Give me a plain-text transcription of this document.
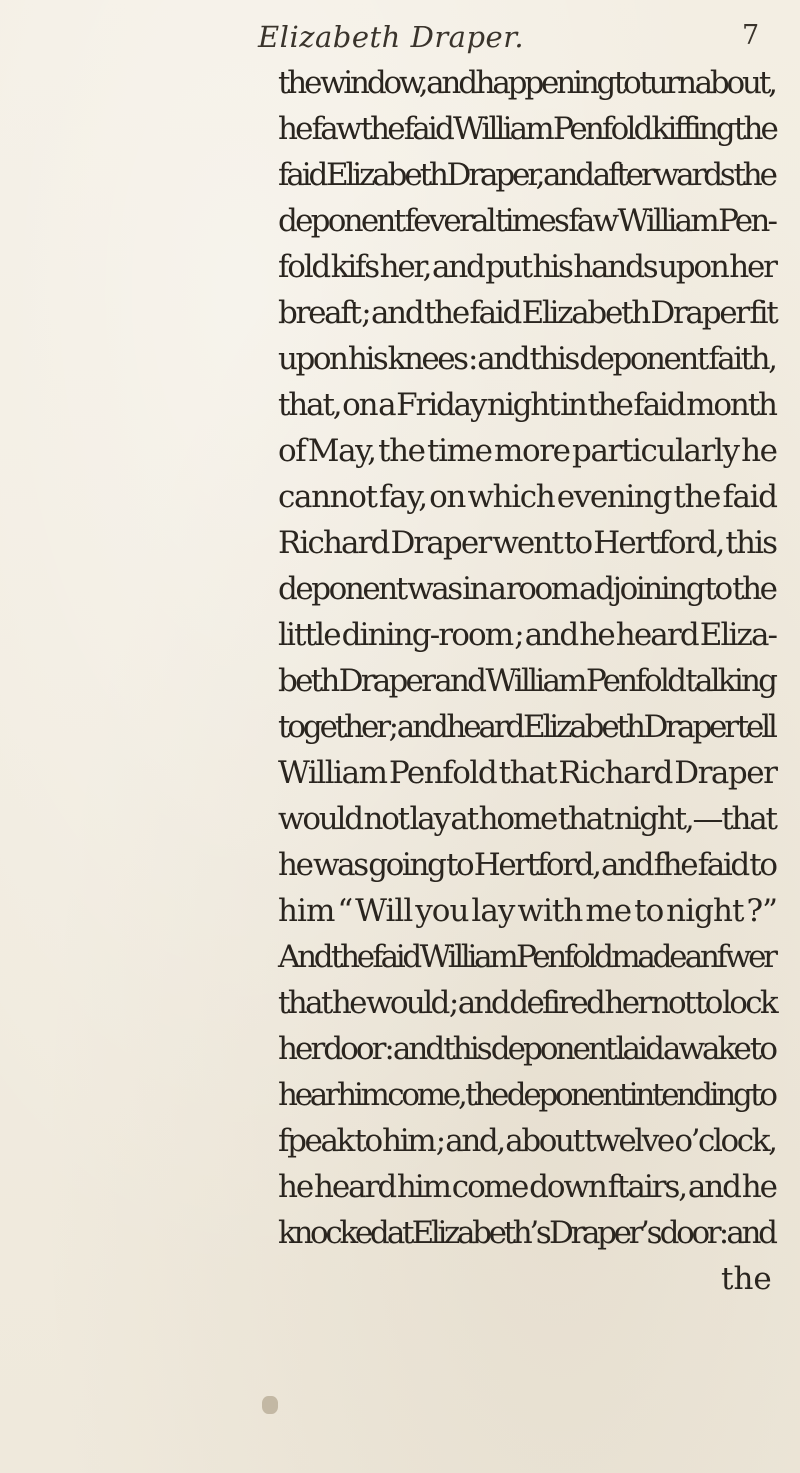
Elizabeth Draper.	7
the window, and happening to turn about,
he faw the faid William Penfold kiffing the
faid Elizabeth Draper, and afterwards the
deponent feveral times faw William Pen-
fold kifs her, and put his hands upon her
breaft ; and the faid Elizabeth Draper fit
upon his knees : and this deponent faith,
that, on a Friday night in the faid month
of May, the time more particularly he
cannot fay, on which evening the faid
Richard Draper went to Hertford, this
deponent was in a room adjoining to the
little dining-room ; and he heard Eliza-
beth Draper and William Penfold talking
together ; and heard Elizabeth Draper tell
William Penfold that Richard Draper
would not lay at home that night,—that
he was going to Hertford, and fhe faid to
him “ Will you lay with me to night ?”
And the faid William Penfold made anfwer
that he would ; and defired her not to lock
her door : and this deponent laid awake to
hear him come, the deponent intending to
fpeak to him ; and, about twelve o’clock,
he heard him come down ftairs, and he
knocked at Elizabeth’s Draper’s door : and
the
